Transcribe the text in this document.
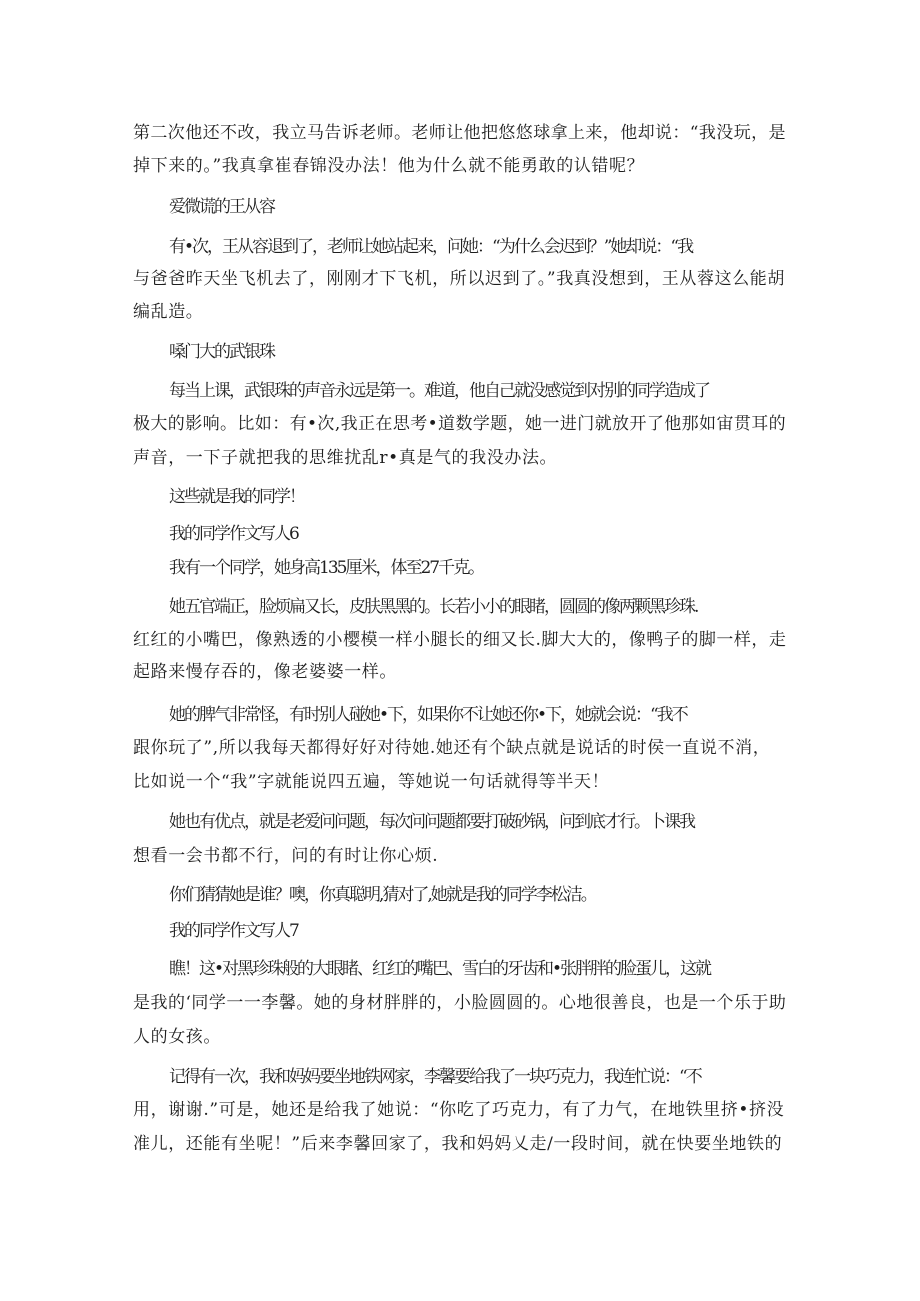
第二次他还不改，我立马告诉老师。老师让他把悠悠球拿上来，他却说：“我没玩，是
掉下来的。”我真拿崔春锦没办法！他为什么就不能勇敢的认错呢？
爱微谎的王从容
有•次，王从容退到了，老师让她站起来，问她：“为什么会迟到？”她却说：“我
与爸爸昨天坐飞机去了，刚刚才下飞机，所以迟到了。”我真没想到，王从蓉这么能胡
编乱造。
嗓门大的武银珠
每当上课，武银珠的声音永远是第一。难道，他自己就没感觉到对别的同学造成了
极大的影响。比如：有•次,我正在思考•道数学题，她一进门就放开了他那如宙贯耳的
声音，一下子就把我的思维扰乱r•真是气的我没办法。
这些就是我的同学！
我的同学作文写人6
我有一个同学，她身高135厘米，体至27千克。
她五官端正，脸烦扁又长，皮肤黑黑的。长若小小的眼睹，圆圆的像两颗黑珍珠.
红红的小嘴巴，像熟透的小樱模一样小腿长的细又长.脚大大的，像鸭子的脚一样，走
起路来慢存吞的，像老婆婆一样。
她的脾气非常怪，有时别人碰她•下，如果你不让她还你•下，她就会说：“我不
跟你玩了”,所以我每天都得好好对待她.她还有个缺点就是说话的时侯一直说不消，
比如说一个“我”字就能说四五遍，等她说一句话就得等半天！
她也有优点，就是老爱问问题，每次问问题都要打破砂锅，问到底才行。卜课我
想看一会书都不行，问的有时让你心烦.
你们猜猜她是谁？噢，你真聪明,猜对了,她就是我的同学李松洁。
我的同学作文写人7
瞧！这•对黑珍珠般的大眼睹、红红的嘴巴、雪白的牙齿和•张胖胖的脸蛋儿，这就
是我的‘同学一一李馨。她的身材胖胖的，小脸圆圆的。心地很善良，也是一个乐于助
人的女孩。
记得有一次，我和妈妈要坐地铁网家，李馨要给我了一块巧克力，我连忙说：“不
用，谢谢.”可是，她还是给我了她说：“你吃了巧克力，有了力气，在地铁里挤•挤没
准儿，还能有坐呢！”后来李馨回家了，我和妈妈乂走/一段时间，就在快要坐地铁的
